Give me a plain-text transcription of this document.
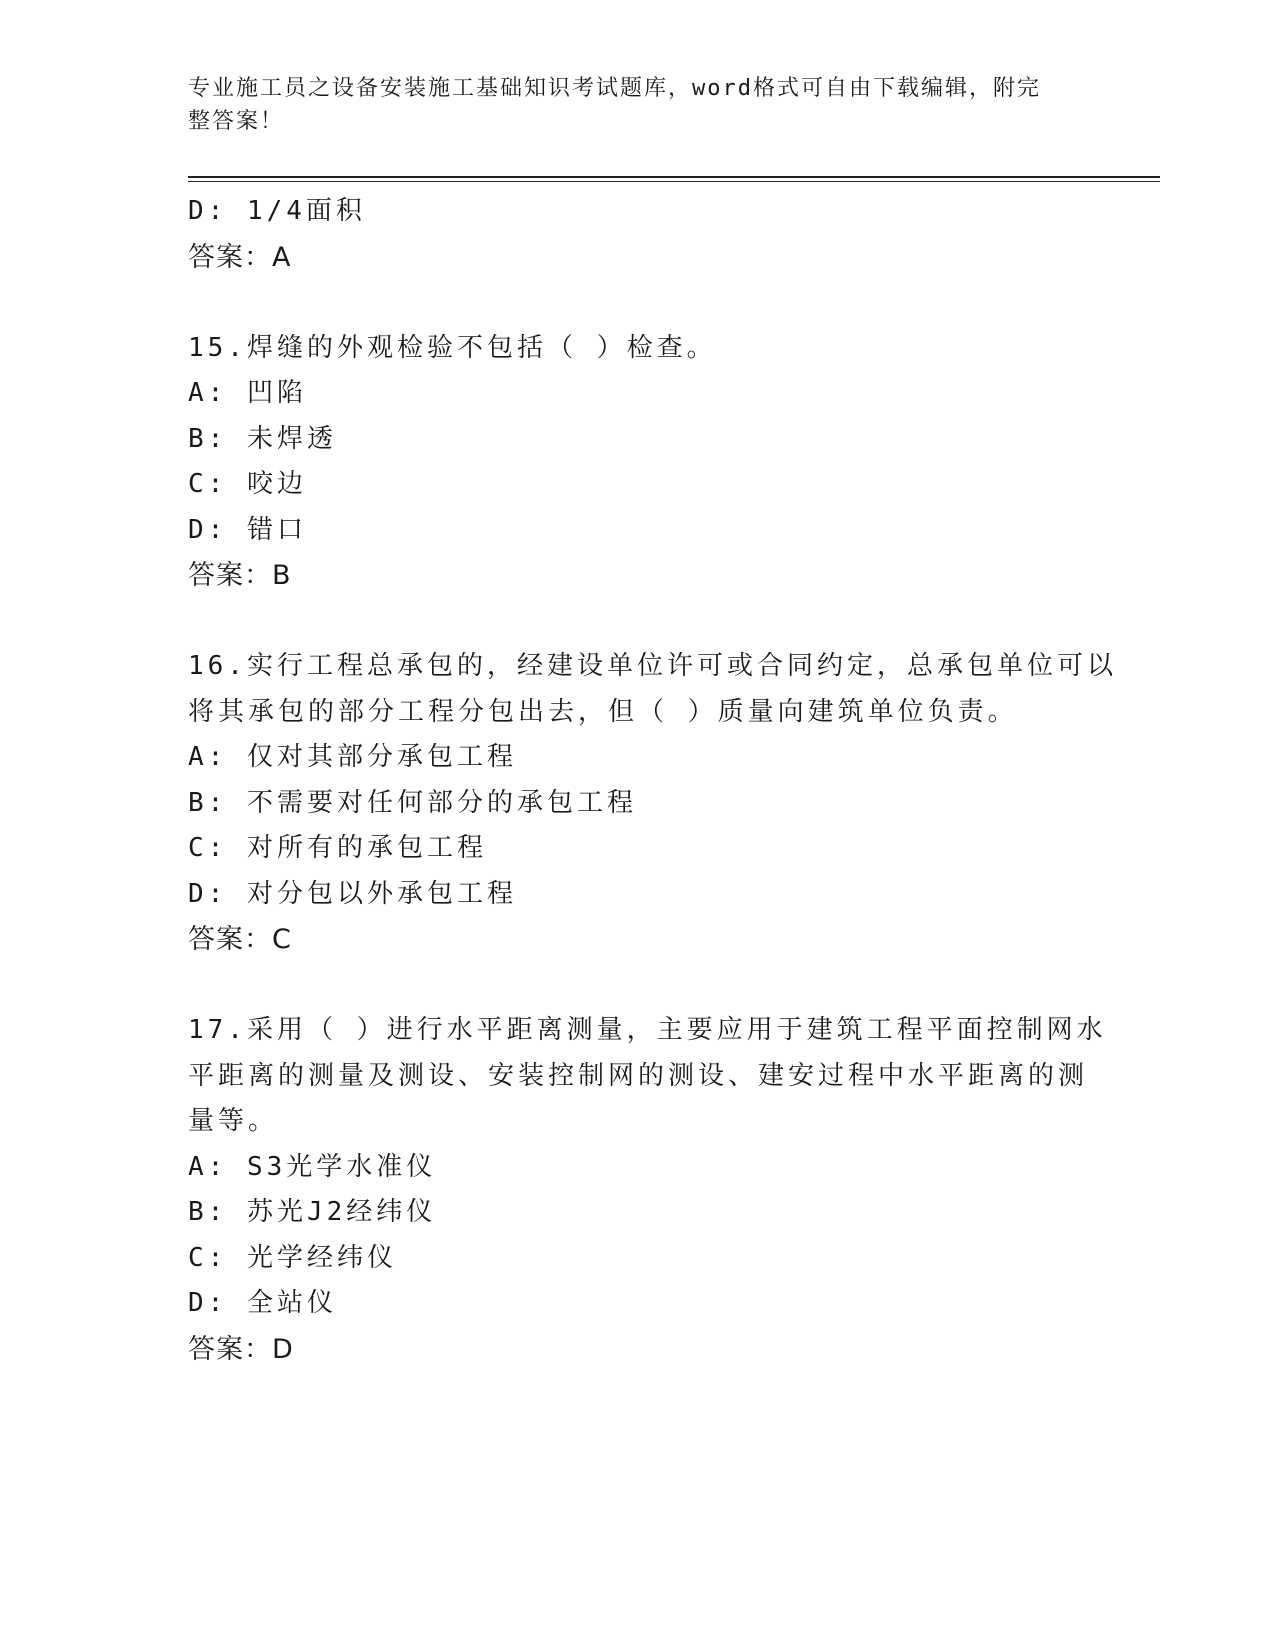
专业施工员之设备安装施工基础知识考试题库，word格式可自由下载编辑，附完
整答案！
D: 1/4面积
答案：A
15.焊缝的外观检验不包括（ ）检查。
A: 凹陷
B: 未焊透
C: 咬边
D: 错口
答案：B
16.实行工程总承包的，经建设单位许可或合同约定，总承包单位可以
将其承包的部分工程分包出去，但（ ）质量向建筑单位负责。
A: 仅对其部分承包工程
B: 不需要对任何部分的承包工程
C: 对所有的承包工程
D: 对分包以外承包工程
答案：C
17.采用（ ）进行水平距离测量，主要应用于建筑工程平面控制网水
平距离的测量及测设、安装控制网的测设、建安过程中水平距离的测
量等。
A: S3光学水准仪
B: 苏光J2经纬仪
C: 光学经纬仪
D: 全站仪
答案：D
